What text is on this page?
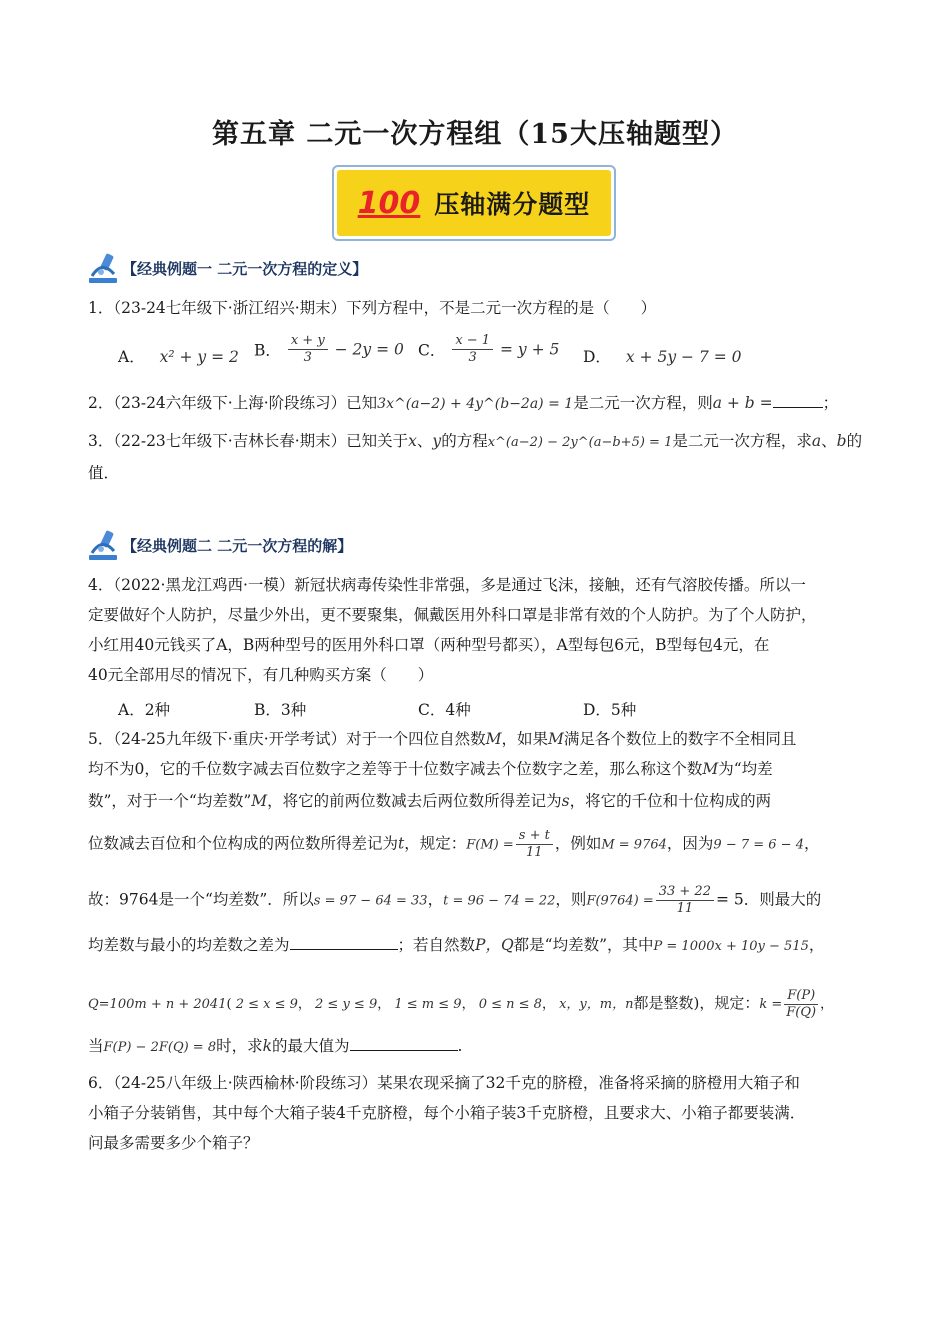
第五章 二元一次方程组（15大压轴题型）
100 压轴满分题型
【经典例题一 二元一次方程的定义】
1．（23-24七年级下·浙江绍兴·期末）下列方程中，不是二元一次方程的是（　　）
A． x² + y = 2 B． $\frac{x + y}{3} - 2y = 0$ C． $\frac{x - 1}{3} = y + 5$ D． x + 5y − 7 = 0
2．（23-24六年级下·上海·阶段练习）已知3x^(a−2) + 4y^(b−2a) = 1是二元一次方程，则a + b =	；
3．（22-23七年级下·吉林长春·期末）已知关于x、y的方程x^(a−2) − 2y^(a−b+5) = 1是二元一次方程，求a、b的
值．
【经典例题二 二元一次方程的解】
4．（2022·黑龙江鸡西·一模）新冠状病毒传染性非常强，多是通过飞沫，接触，还有气溶胶传播。所以一
定要做好个人防护，尽量少外出，更不要聚集，佩戴医用外科口罩是非常有效的个人防护。为了个人防护，
小红用40元钱买了A，B两种型号的医用外科口罩（两种型号都买），A型每包6元，B型每包4元，在
40元全部用尽的情况下，有几种购买方案（　　）
A．2种	B．3种	C．4种	D．5种
5．（24-25九年级下·重庆·开学考试）对于一个四位自然数M，如果M满足各个数位上的数字不全相同且
均不为0，它的千位数字减去百位数字之差等于十位数字减去个位数字之差，那么称这个数M为“均差
数”，对于一个“均差数”M，将它的前两位数减去后两位数所得差记为s，将它的千位和十位构成的两
位数减去百位和个位构成的两位数所得差记为t，规定：$F(M) = \frac{s + t}{11}$ ，例如M = 9764，因为9 − 7 = 6 − 4，
故：9764是一个“均差数”．所以s = 97 − 64 = 33，t = 96 − 74 = 22，则$F(9764) = \frac{33 + 22}{11} = 5$．则最大的
均差数与最小的均差数之差为	；若自然数P，Q都是“均差数”，其中P = 1000x + 10y − 515，
Q=100m + n + 2041( 2 ≤ x ≤ 9， 2 ≤ y ≤ 9， 1 ≤ m ≤ 9， 0 ≤ n ≤ 8， x，y，m，n都是整数)，规定：$k = \frac{F(P)}{F(Q)}$ ，
当F(P) − 2F(Q) = 8时，求k的最大值为	.
6．（24-25八年级上·陕西榆林·阶段练习）某果农现采摘了32千克的脐橙，准备将采摘的脐橙用大箱子和
小箱子分装销售，其中每个大箱子装4千克脐橙，每个小箱子装3千克脐橙，且要求大、小箱子都要装满．
问最多需要多少个箱子？
